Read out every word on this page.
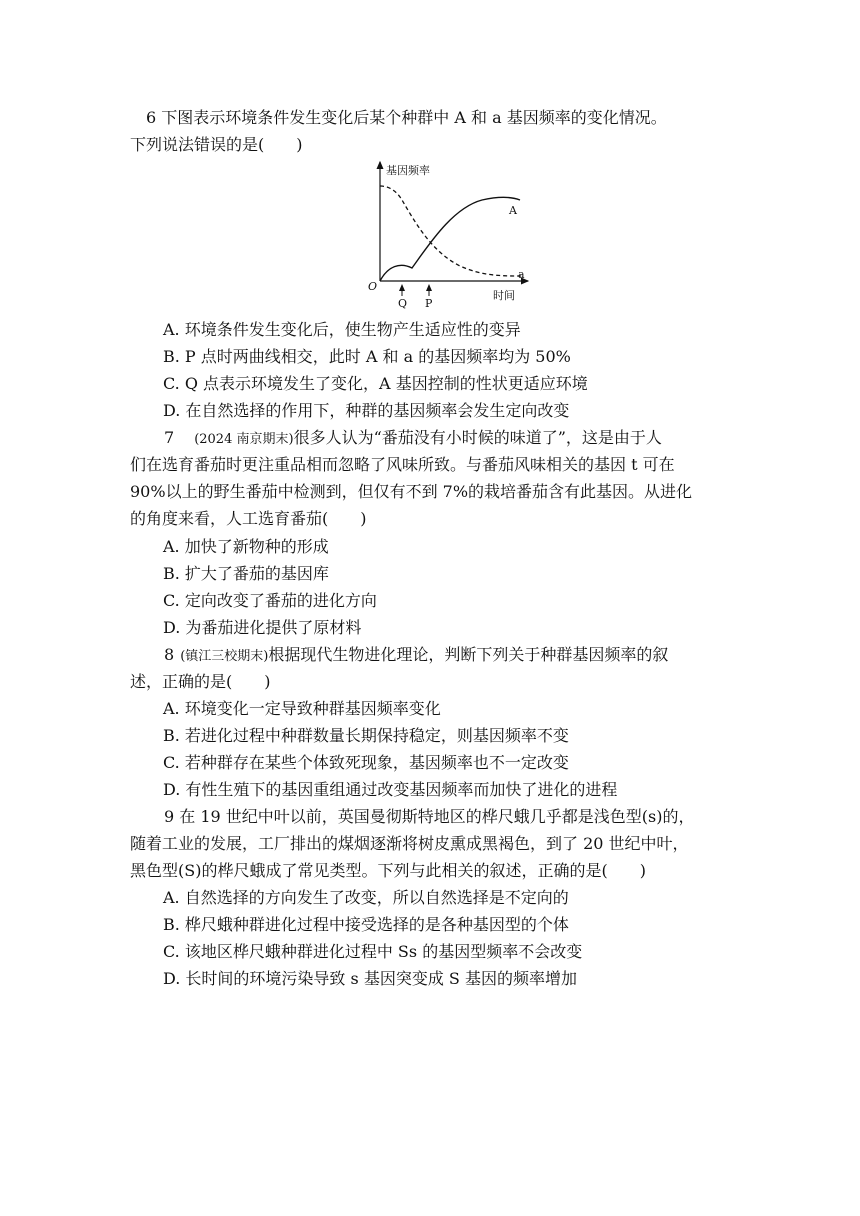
6 下图表示环境条件发生变化后某个种群中 A 和 a 基因频率的变化情况。
下列说法错误的是(　　)
基因频率
O
A
a
Q P
时间
A. 环境条件发生变化后，使生物产生适应性的变异
B. P 点时两曲线相交，此时 A 和 a 的基因频率均为 50%
C. Q 点表示环境发生了变化，A 基因控制的性状更适应环境
D. 在自然选择的作用下，种群的基因频率会发生定向改变
7 (2024 南京期末)很多人认为“番茄没有小时候的味道了”，这是由于人
们在选育番茄时更注重品相而忽略了风味所致。与番茄风味相关的基因 t 可在
90%以上的野生番茄中检测到，但仅有不到 7%的栽培番茄含有此基因。从进化
的角度来看，人工选育番茄(　　)
A. 加快了新物种的形成
B. 扩大了番茄的基因库
C. 定向改变了番茄的进化方向
D. 为番茄进化提供了原材料
8 (镇江三校期末)根据现代生物进化理论，判断下列关于种群基因频率的叙
述，正确的是(　　)
A. 环境变化一定导致种群基因频率变化
B. 若进化过程中种群数量长期保持稳定，则基因频率不变
C. 若种群存在某些个体致死现象，基因频率也不一定改变
D. 有性生殖下的基因重组通过改变基因频率而加快了进化的进程
9 在 19 世纪中叶以前，英国曼彻斯特地区的桦尺蛾几乎都是浅色型(s)的，
随着工业的发展，工厂排出的煤烟逐渐将树皮熏成黑褐色，到了 20 世纪中叶，
黑色型(S)的桦尺蛾成了常见类型。下列与此相关的叙述，正确的是(　　)
A. 自然选择的方向发生了改变，所以自然选择是不定向的
B. 桦尺蛾种群进化过程中接受选择的是各种基因型的个体
C. 该地区桦尺蛾种群进化过程中 Ss 的基因型频率不会改变
D. 长时间的环境污染导致 s 基因突变成 S 基因的频率增加
